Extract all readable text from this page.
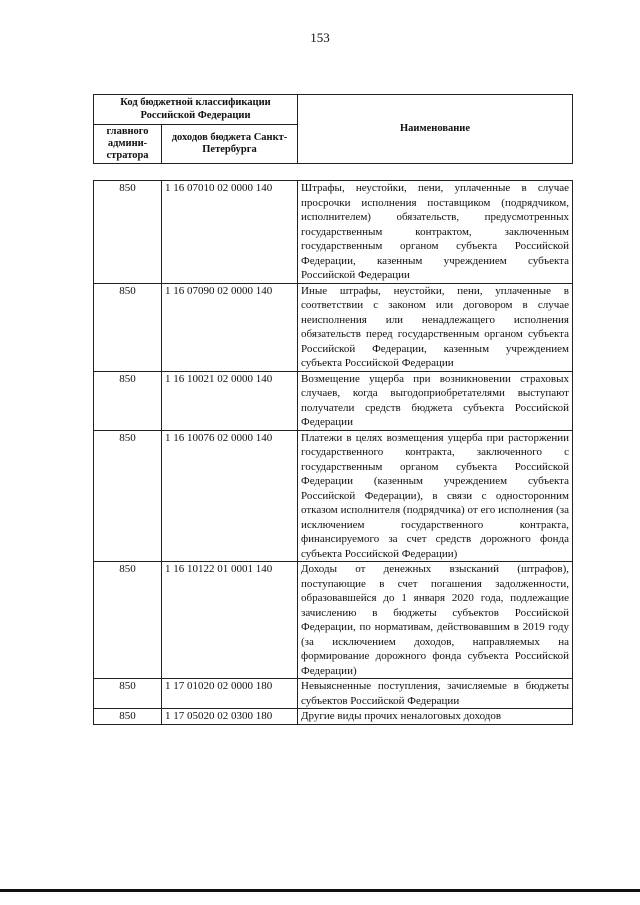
153
Код бюджетной классификации Российской Федерации		Наименование
главного админи-стратора	доходов бюджета Санкт-Петербурга	
850	1 16 07010 02 0000 140	Штрафы, неустойки, пени, уплаченные в случае просрочки исполнения поставщиком (подрядчиком, исполнителем) обязательств, предусмотренных государственным контрактом, заключенным государственным органом субъекта Российской Федерации, казенным учреждением субъекта Российской Федерации
850	1 16 07090 02 0000 140	Иные штрафы, неустойки, пени, уплаченные в соответствии с законом или договором в случае неисполнения или ненадлежащего исполнения обязательств перед государственным органом субъекта Российской Федерации, казенным учреждением субъекта Российской Федерации
850	1 16 10021 02 0000 140	Возмещение ущерба при возникновении страховых случаев, когда выгодоприобретателями выступают получатели средств бюджета субъекта Российской Федерации
850	1 16 10076 02 0000 140	Платежи в целях возмещения ущерба при расторжении государственного контракта, заключенного с государственным органом субъекта Российской Федерации (казенным учреждением субъекта Российской Федерации), в связи с односторонним отказом исполнителя (подрядчика) от его исполнения (за исключением государственного контракта, финансируемого за счет средств дорожного фонда субъекта Российской Федерации)
850	1 16 10122 01 0001 140	Доходы от денежных взысканий (штрафов), поступающие в счет погашения задолженности, образовавшейся до 1 января 2020 года, подлежащие зачислению в бюджеты субъектов Российской Федерации, по нормативам, действовавшим в 2019 году (за исключением доходов, направляемых на формирование дорожного фонда субъекта Российской Федерации)
850	1 17 01020 02 0000 180	Невыясненные поступления, зачисляемые в бюджеты субъектов Российской Федерации
850	1 17 05020 02 0300 180	Другие виды прочих неналоговых доходов
